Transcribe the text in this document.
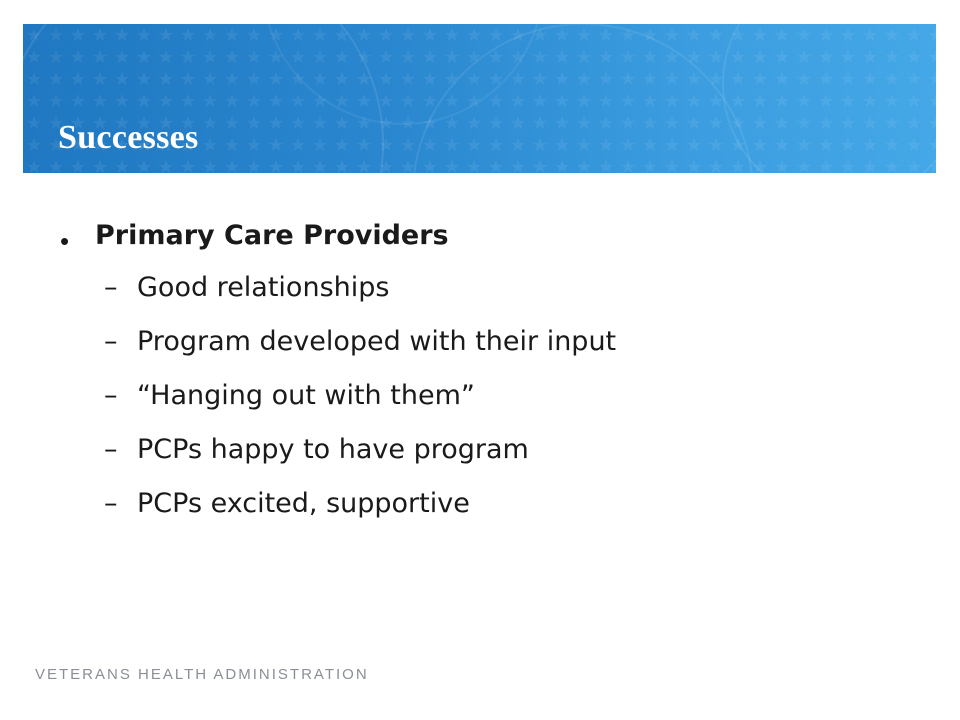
Successes
• Primary Care Providers
– Good relationships
– Program developed with their input
– “Hanging out with them”
– PCPs happy to have program
– PCPs excited, supportive
VETERANS HEALTH ADMINISTRATION
